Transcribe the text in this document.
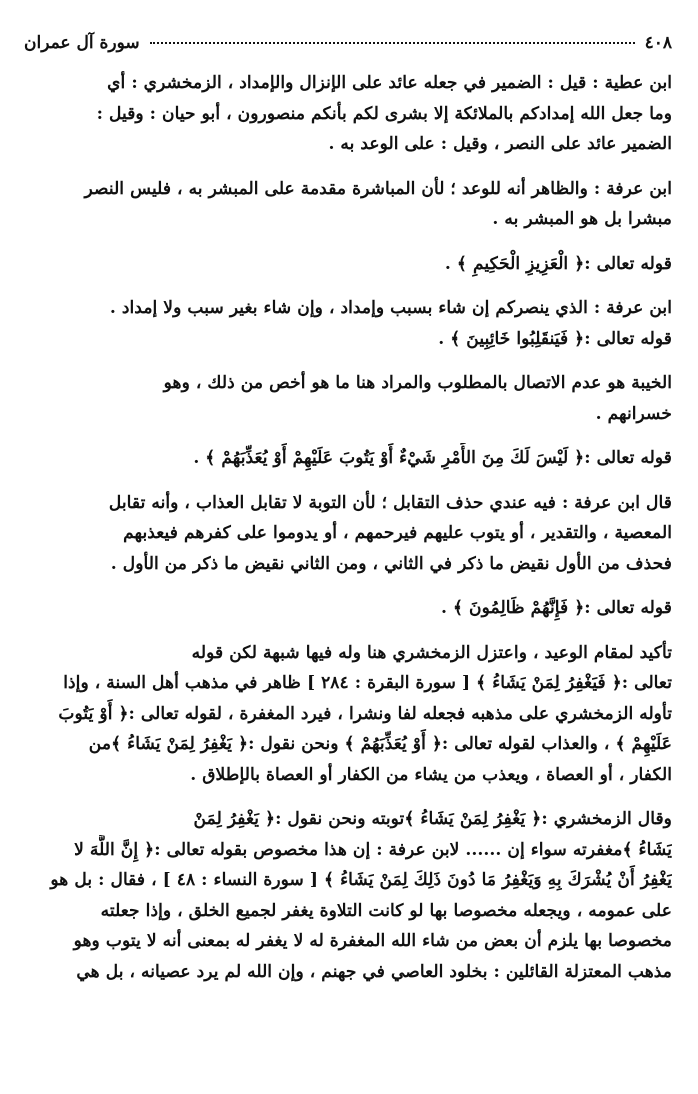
٤٠٨
سورة آل عمران

ابن عطية : قيل : الضمير في جعله عائد على الإنزال والإمداد ، الزمخشري : أي
وما جعل الله إمدادكم بالملائكة إلا بشرى لكم بأنكم منصورون ، أبو حيان : وقيل :
الضمير عائد على النصر ، وقيل : على الوعد به .

ابن عرفة : والظاهر أنه للوعد ؛ لأن المباشرة مقدمة على المبشر به ، فليس النصر
مبشرا بل هو المبشر به .

قوله تعالى :﴿ الْعَزِيزِ الْحَكِيمِ ﴾ .

ابن عرفة : الذي ينصركم إن شاء بسبب وإمداد ، وإن شاء بغير سبب ولا إمداد .
قوله تعالى :﴿ فَيَنقَلِبُوا خَائِبِينَ ﴾ .

الخيبة هو عدم الاتصال بالمطلوب والمراد هنا ما هو أخص من ذلك ، وهو
خسرانهم .

قوله تعالى :﴿ لَيْسَ لَكَ مِنَ الأَمْرِ شَيْءٌ أَوْ يَتُوبَ عَلَيْهِمْ أَوْ يُعَذِّبَهُمْ ﴾ .

قال ابن عرفة : فيه عندي حذف التقابل ؛ لأن التوبة لا تقابل العذاب ، وأنه تقابل
المعصية ، والتقدير ، أو يتوب عليهم فيرحمهم ، أو يدوموا على كفرهم فيعذبهم
فحذف من الأول نقيض ما ذكر في الثاني ، ومن الثاني نقيض ما ذكر من الأول .

قوله تعالى :﴿ فَإِنَّهُمْ ظَالِمُونَ ﴾ .

تأكيد لمقام الوعيد ، واعتزل الزمخشري هنا وله فيها شبهة لكن قوله
تعالى :﴿ فَيَغْفِرُ لِمَنْ يَشَاءُ ﴾ [ سورة البقرة : ٢٨٤ ] ظاهر في مذهب أهل السنة ، وإذا
تأوله الزمخشري على مذهبه فجعله لفا ونشرا ، فيرد المغفرة ، لقوله تعالى :﴿ أَوْ يَتُوبَ
عَلَيْهِمْ ﴾ ، والعذاب لقوله تعالى :﴿ أَوْ يُعَذِّبَهُمْ ﴾ ونحن نقول :﴿ يَغْفِرُ لِمَنْ يَشَاءُ ﴾من
الكفار ، أو العصاة ، ويعذب من يشاء من الكفار أو العصاة بالإطلاق .

وقال الزمخشري :﴿ يَغْفِرُ لِمَنْ يَشَاءُ ﴾توبته ونحن نقول :﴿ يَغْفِرُ لِمَنْ
يَشَاءُ ﴾مغفرته سواء إن ...... لابن عرفة : إن هذا مخصوص بقوله تعالى :﴿ إِنَّ اللَّهَ لا
يَغْفِرُ أَنْ يُشْرَكَ بِهِ وَيَغْفِرُ مَا دُونَ ذَلِكَ لِمَنْ يَشَاءُ ﴾ [ سورة النساء : ٤٨ ] ، فقال : بل هو
على عمومه ، ويجعله مخصوصا بها لو كانت التلاوة يغفر لجميع الخلق ، وإذا جعلته
مخصوصا بها يلزم أن بعض من شاء الله المغفرة له لا يغفر له بمعنى أنه لا يتوب وهو
مذهب المعتزلة القائلين : بخلود العاصي في جهنم ، وإن الله لم يرد عصيانه ، بل هي
